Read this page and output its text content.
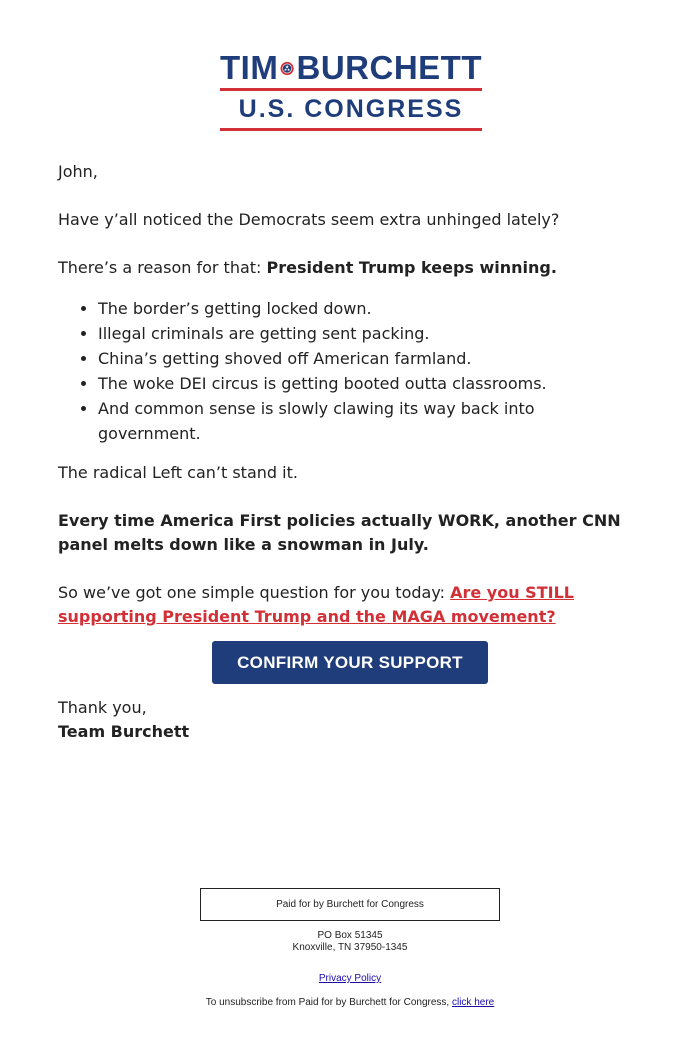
TIM BURCHETT
U.S. CONGRESS

John,

Have y’all noticed the Democrats seem extra unhinged lately?

There’s a reason for that: President Trump keeps winning.

• The border’s getting locked down.
• Illegal criminals are getting sent packing.
• China’s getting shoved off American farmland.
• The woke DEI circus is getting booted outta classrooms.
• And common sense is slowly clawing its way back into government.

The radical Left can’t stand it.

Every time America First policies actually WORK, another CNN panel melts down like a snowman in July.

So we’ve got one simple question for you today: Are you STILL supporting President Trump and the MAGA movement?

CONFIRM YOUR SUPPORT

Thank you,

Team Burchett

Paid for by Burchett for Congress
PO Box 51345
Knoxville, TN 37950-1345
Privacy Policy
To unsubscribe from Paid for by Burchett for Congress, click here
